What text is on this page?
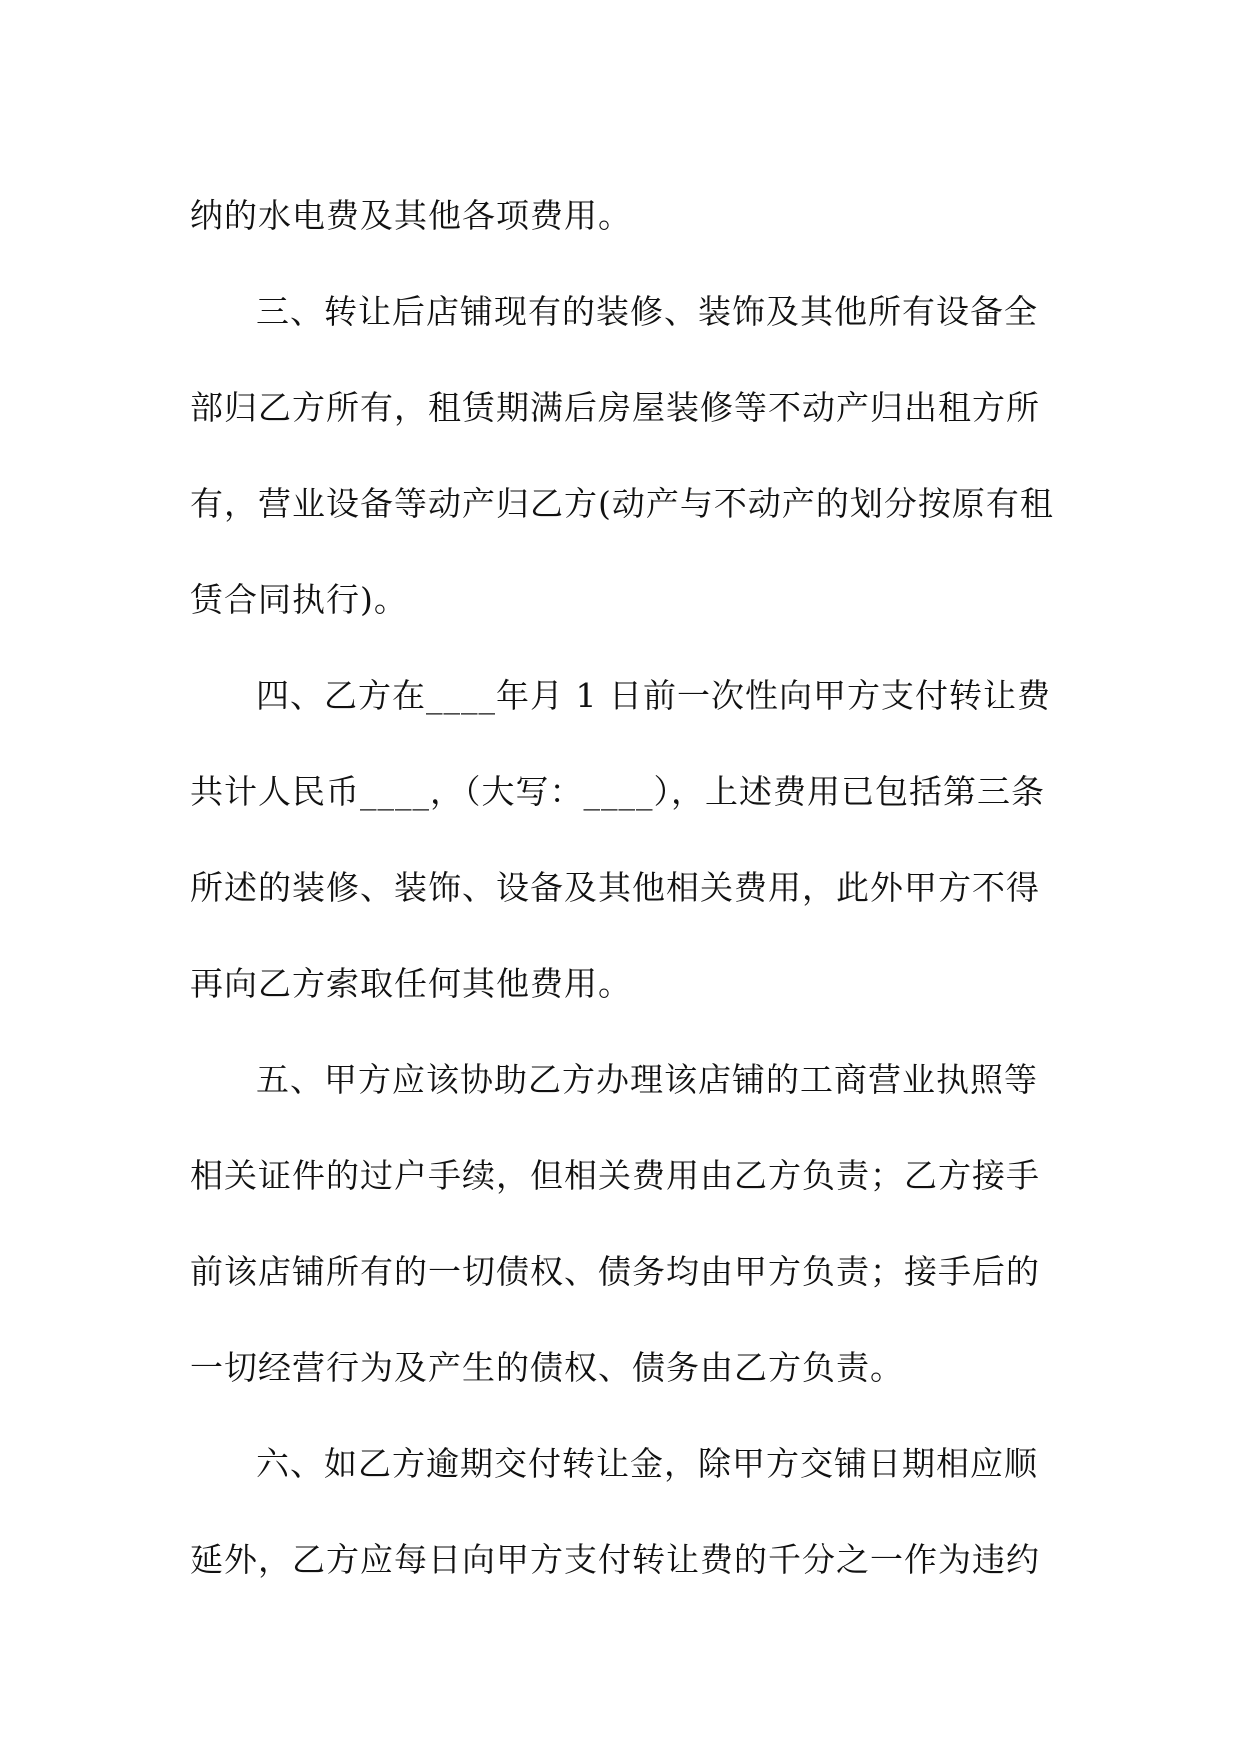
纳的水电费及其他各项费用。
三、转让后店铺现有的装修、装饰及其他所有设备全
部归乙方所有，租赁期满后房屋装修等不动产归出租方所
有，营业设备等动产归乙方(动产与不动产的划分按原有租
赁合同执行)。
四、乙方在____年月 1 日前一次性向甲方支付转让费
共计人民币____，（大写：____），上述费用已包括第三条
所述的装修、装饰、设备及其他相关费用，此外甲方不得
再向乙方索取任何其他费用。
五、甲方应该协助乙方办理该店铺的工商营业执照等
相关证件的过户手续，但相关费用由乙方负责；乙方接手
前该店铺所有的一切债权、债务均由甲方负责；接手后的
一切经营行为及产生的债权、债务由乙方负责。
六、如乙方逾期交付转让金，除甲方交铺日期相应顺
延外，乙方应每日向甲方支付转让费的千分之一作为违约
